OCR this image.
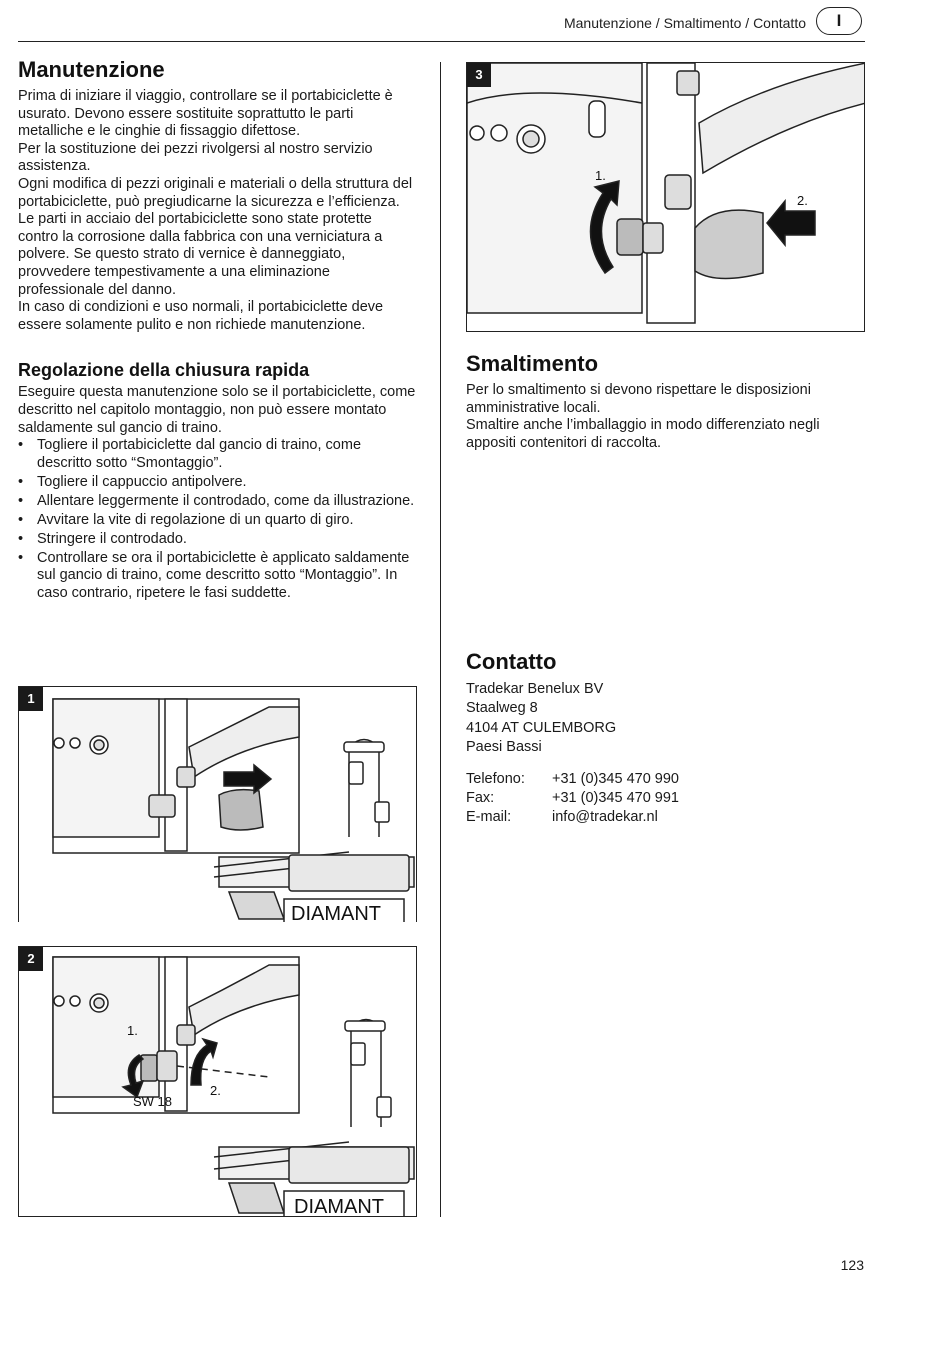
Manutenzione / Smaltimento / Contatto	I
Manutenzione

Prima di iniziare il viaggio, controllare se il portabiciclette è usurato. Devono essere sostituite soprattutto le parti metalliche e le cinghie di fissaggio difettose.

Per la sostituzione dei pezzi rivolgersi al nostro servizio assistenza.

Ogni modifica di pezzi originali e materiali o della struttura del portabiciclette, può pregiudicarne la sicurezza e l’efficienza.

Le parti in acciaio del portabiciclette sono state protette contro la corrosione dalla fabbrica con una verniciatura a polvere. Se questo strato di vernice è danneggiato, provvedere tempestivamente a una eliminazione professionale del danno.

In caso di condizioni e uso normali, il portabiciclette deve essere solamente pulito e non richiede manutenzione.

Regolazione della chiusura rapida

Eseguire questa manutenzione solo se il portabiciclette, come descritto nel capitolo montaggio, non può essere montato saldamente sul gancio di traino.

• Togliere il portabiciclette dal gancio di traino, come descritto sotto “Smontaggio”.
• Togliere il cappuccio antipolvere.
• Allentare leggermente il controdado, come da illustrazione.
• Avvitare la vite di regolazione di un quarto di giro.
• Stringere il controdado.
• Controllare se ora il portabiciclette è applicato saldamente sul gancio di traino, come descritto sotto “Montaggio”. In caso contrario, ripetere le fasi suddette.
1
DIAMANT
2
DIAMANT
1.
2.
SW 18
3
1.
2.
Smaltimento

Per lo smaltimento si devono rispettare le disposizioni amministrative locali.

Smaltire anche l’imballaggio in modo differenziato negli appositi contenitori di raccolta.

Contatto
Tradekar Benelux BV
Staalweg 8
4104 AT CULEMBORG
Paesi Bassi
Telefono:	+31 (0)345 470 990
Fax:	+31 (0)345 470 991
E-mail:	info@tradekar.nl
123
